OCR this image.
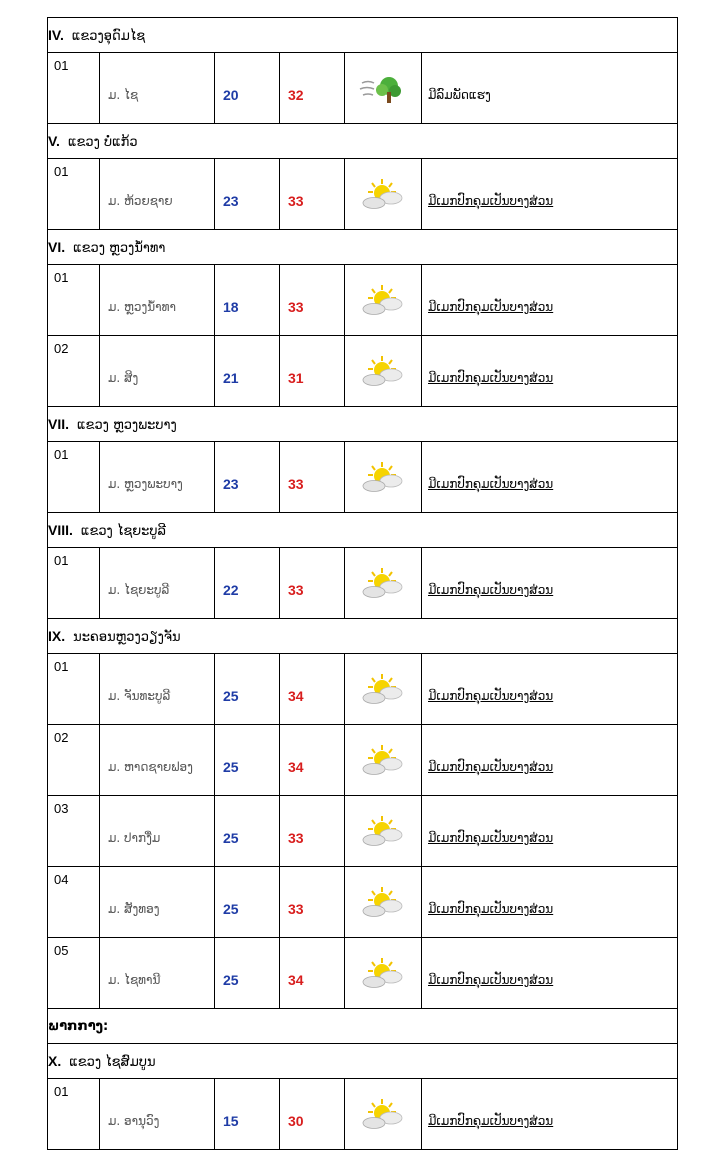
IV. ແຂວງອຸດົມໄຊ					
01	ມ. ໄຊ	20	32		ມີລົມພັດແຮງ
V. ແຂວງ ບໍ່ແກ້ວ					
01	ມ. ຫ້ວຍຊາຍ	23	33		ມີເມກປົກຄຸມເປັນບາງສ່ວນ
VI. ແຂວງ ຫຼວງນ້ຳທາ					
01	ມ. ຫຼວງນ້ຳທາ	18	33		ມີເມກປົກຄຸມເປັນບາງສ່ວນ
02	ມ. ສິງ	21	31		ມີເມກປົກຄຸມເປັນບາງສ່ວນ
VII. ແຂວງ ຫຼວງພະບາງ					
01	ມ. ຫຼວງພະບາງ	23	33		ມີເມກປົກຄຸມເປັນບາງສ່ວນ
VIII. ແຂວງ ໄຊຍະບູລີ					
01	ມ. ໄຊຍະບູລີ	22	33		ມີເມກປົກຄຸມເປັນບາງສ່ວນ
IX. ນະຄອນຫຼວງວຽງຈັນ					
01	ມ. ຈັນທະບູລີ	25	34		ມີເມກປົກຄຸມເປັນບາງສ່ວນ
02	ມ. ຫາດຊາຍຟອງ	25	34		ມີເມກປົກຄຸມເປັນບາງສ່ວນ
03	ມ. ປາກງື່ມ	25	33		ມີເມກປົກຄຸມເປັນບາງສ່ວນ
04	ມ. ສັງທອງ	25	33		ມີເມກປົກຄຸມເປັນບາງສ່ວນ
05	ມ. ໄຊທານີ	25	34		ມີເມກປົກຄຸມເປັນບາງສ່ວນ
ພາກກາງ:					
X. ແຂວງ ໄຊສົມບູນ					
01	ມ. ອານຸວົງ	15	30		ມີເມກປົກຄຸມເປັນບາງສ່ວນ
